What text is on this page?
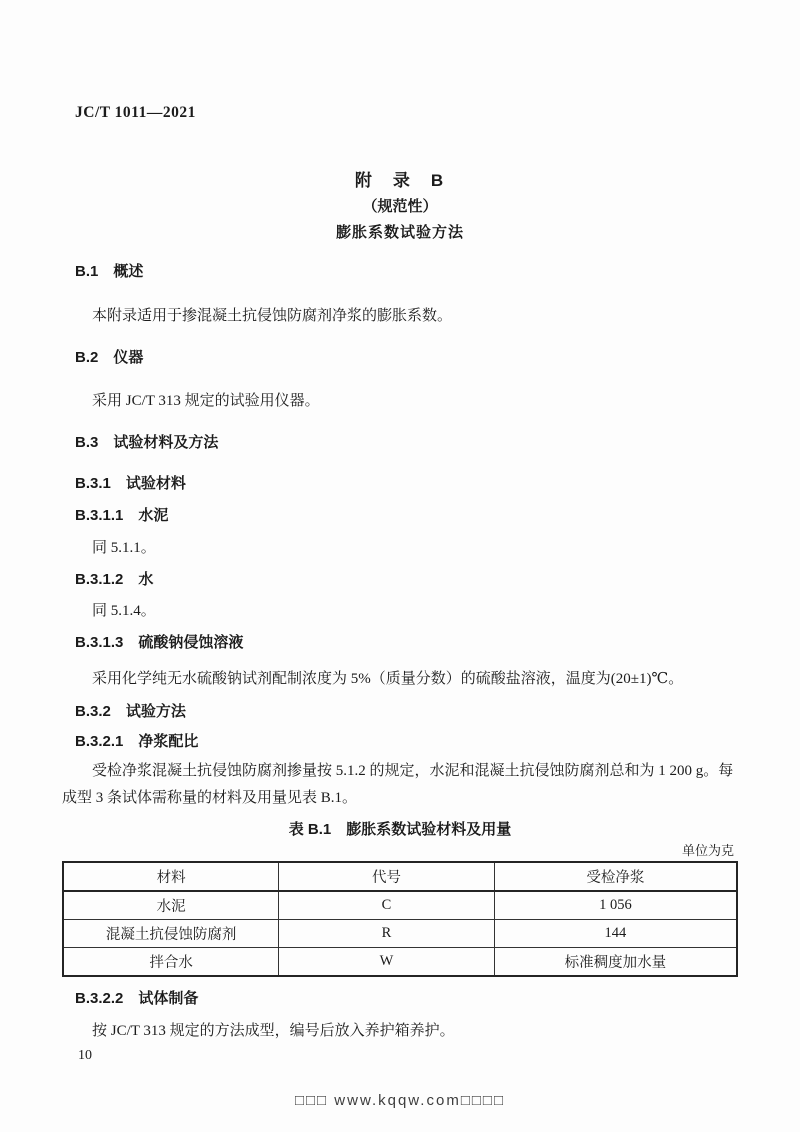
JC/T 1011—2021
附　录　B
（规范性）
膨胀系数试验方法
B.1　概述
本附录适用于掺混凝土抗侵蚀防腐剂净浆的膨胀系数。
B.2　仪器
采用 JC/T 313 规定的试验用仪器。
B.3　试验材料及方法
B.3.1　试验材料
B.3.1.1　水泥
同 5.1.1。
B.3.1.2　水
同 5.1.4。
B.3.1.3　硫酸钠侵蚀溶液
采用化学纯无水硫酸钠试剂配制浓度为 5%（质量分数）的硫酸盐溶液，温度为(20±1)℃。
B.3.2　试验方法
B.3.2.1　净浆配比
受检净浆混凝土抗侵蚀防腐剂掺量按 5.1.2 的规定，水泥和混凝土抗侵蚀防腐剂总和为 1 200 g。每成型 3 条试体需称量的材料及用量见表 B.1。
表 B.1　膨胀系数试验材料及用量
单位为克
材料	代号	受检净浆
水泥	C	1 056
混凝土抗侵蚀防腐剂	R	144
拌合水	W	标准稠度加水量
B.3.2.2　试体制备
按 JC/T 313 规定的方法成型，编号后放入养护箱养护。
10
□□□ www.kqqw.com□□□□
